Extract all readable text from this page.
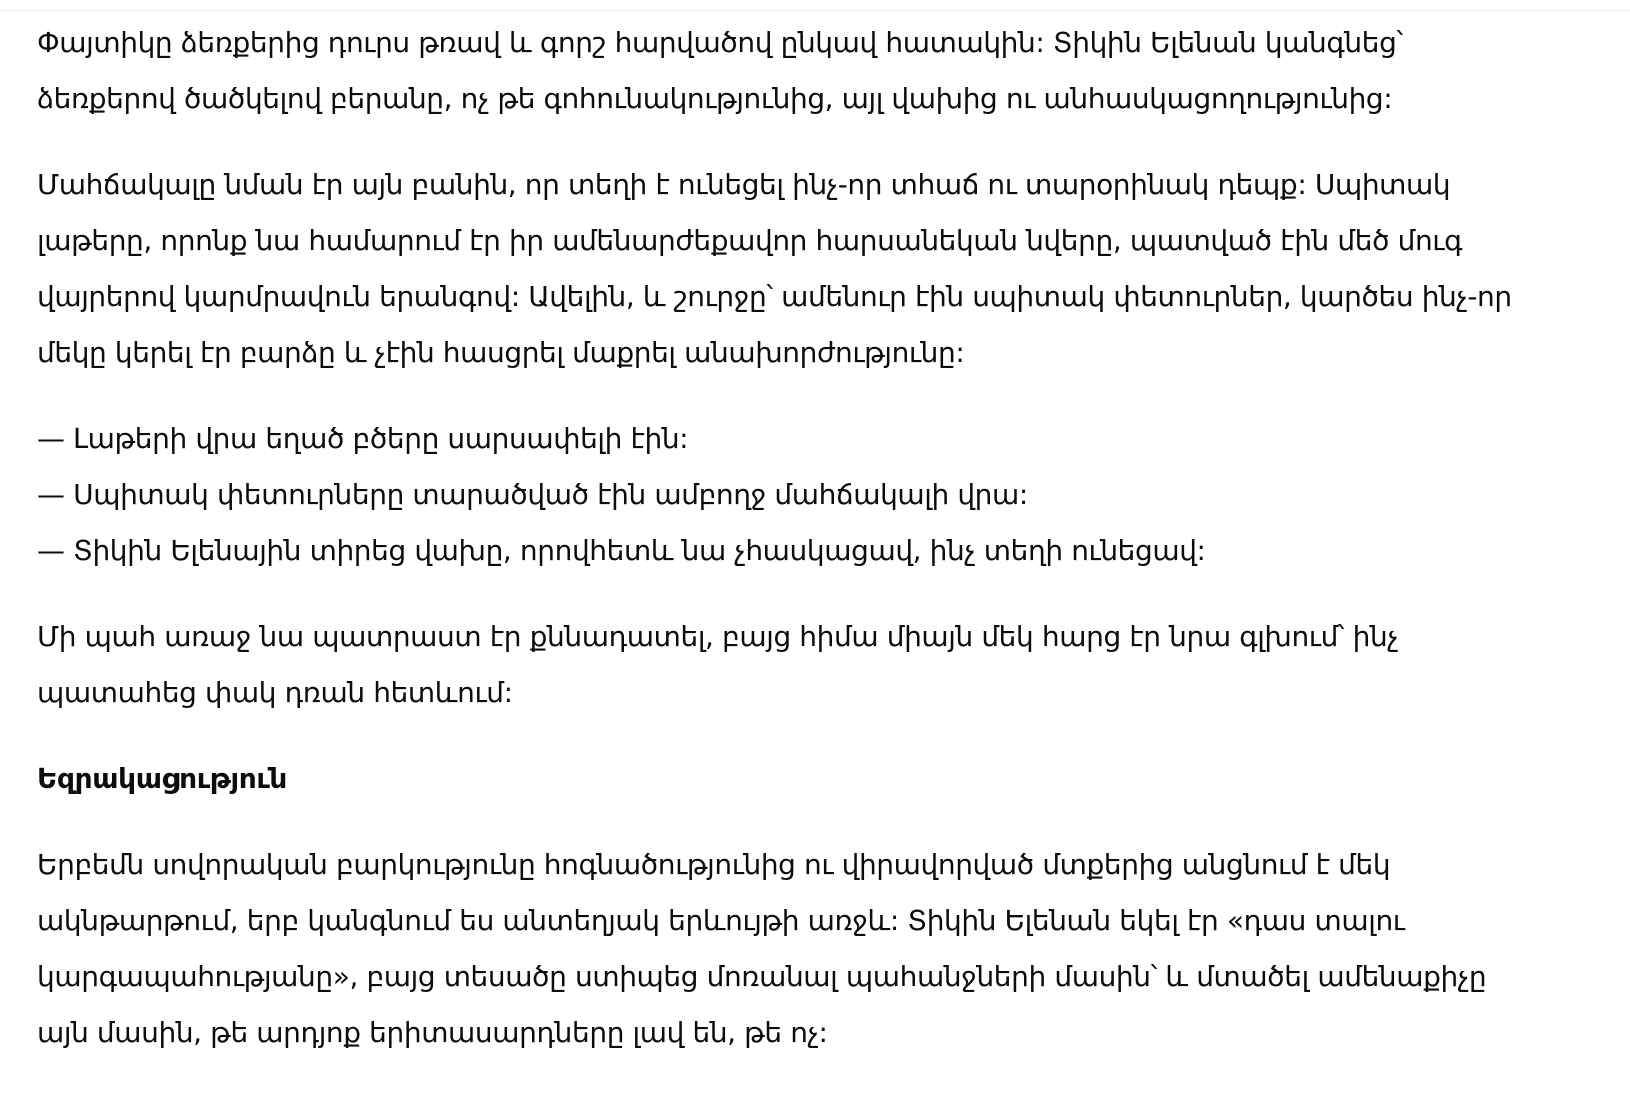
Փայտիկը ձեռքերից դուրս թռավ և գորշ հարվածով ընկավ հատակին: Տիկին Ելենան կանգնեց՝
ձեռքերով ծածկելով բերանը, ոչ թե գոհունակությունից, այլ վախից ու անհասկացողությունից:

Մահճակալը նման էր այն բանին, որ տեղի է ունեցել ինչ-որ տհաճ ու տարօրինակ դեպք: Սպիտակ
լաթերը, որոնք նա համարում էր իր ամենարժեքավոր հարսանեկան նվերը, պատված էին մեծ մուգ
վայրերով կարմրավուն երանգով: Ավելին, և շուրջը՝ ամենուր էին սպիտակ փետուրներ, կարծես ինչ-որ
մեկը կերել էր բարձը և չէին հասցրել մաքրել անախորժությունը:

— Լաթերի վրա եղած բծերը սարսափելի էին:
— Սպիտակ փետուրները տարածված էին ամբողջ մահճակալի վրա:
— Տիկին Ելենային տիրեց վախը, որովհետև նա չհասկացավ, ինչ տեղի ունեցավ:

Մի պահ առաջ նա պատրաստ էր քննադատել, բայց հիմա միայն մեկ հարց էր նրա գլխում՝ ինչ
պատահեց փակ դռան հետևում:

Եզրակացություն

Երբեմն սովորական բարկությունը հոգնածությունից ու վիրավորված մտքերից անցնում է մեկ
ակնթարթում, երբ կանգնում ես անտեղյակ երևույթի առջև: Տիկին Ելենան եկել էր «դաս տալու
կարգապահությանը», բայց տեսածը ստիպեց մոռանալ պահանջների մասին՝ և մտածել ամենաքիչը
այն մասին, թե արդյոք երիտասարդները լավ են, թե ոչ:
